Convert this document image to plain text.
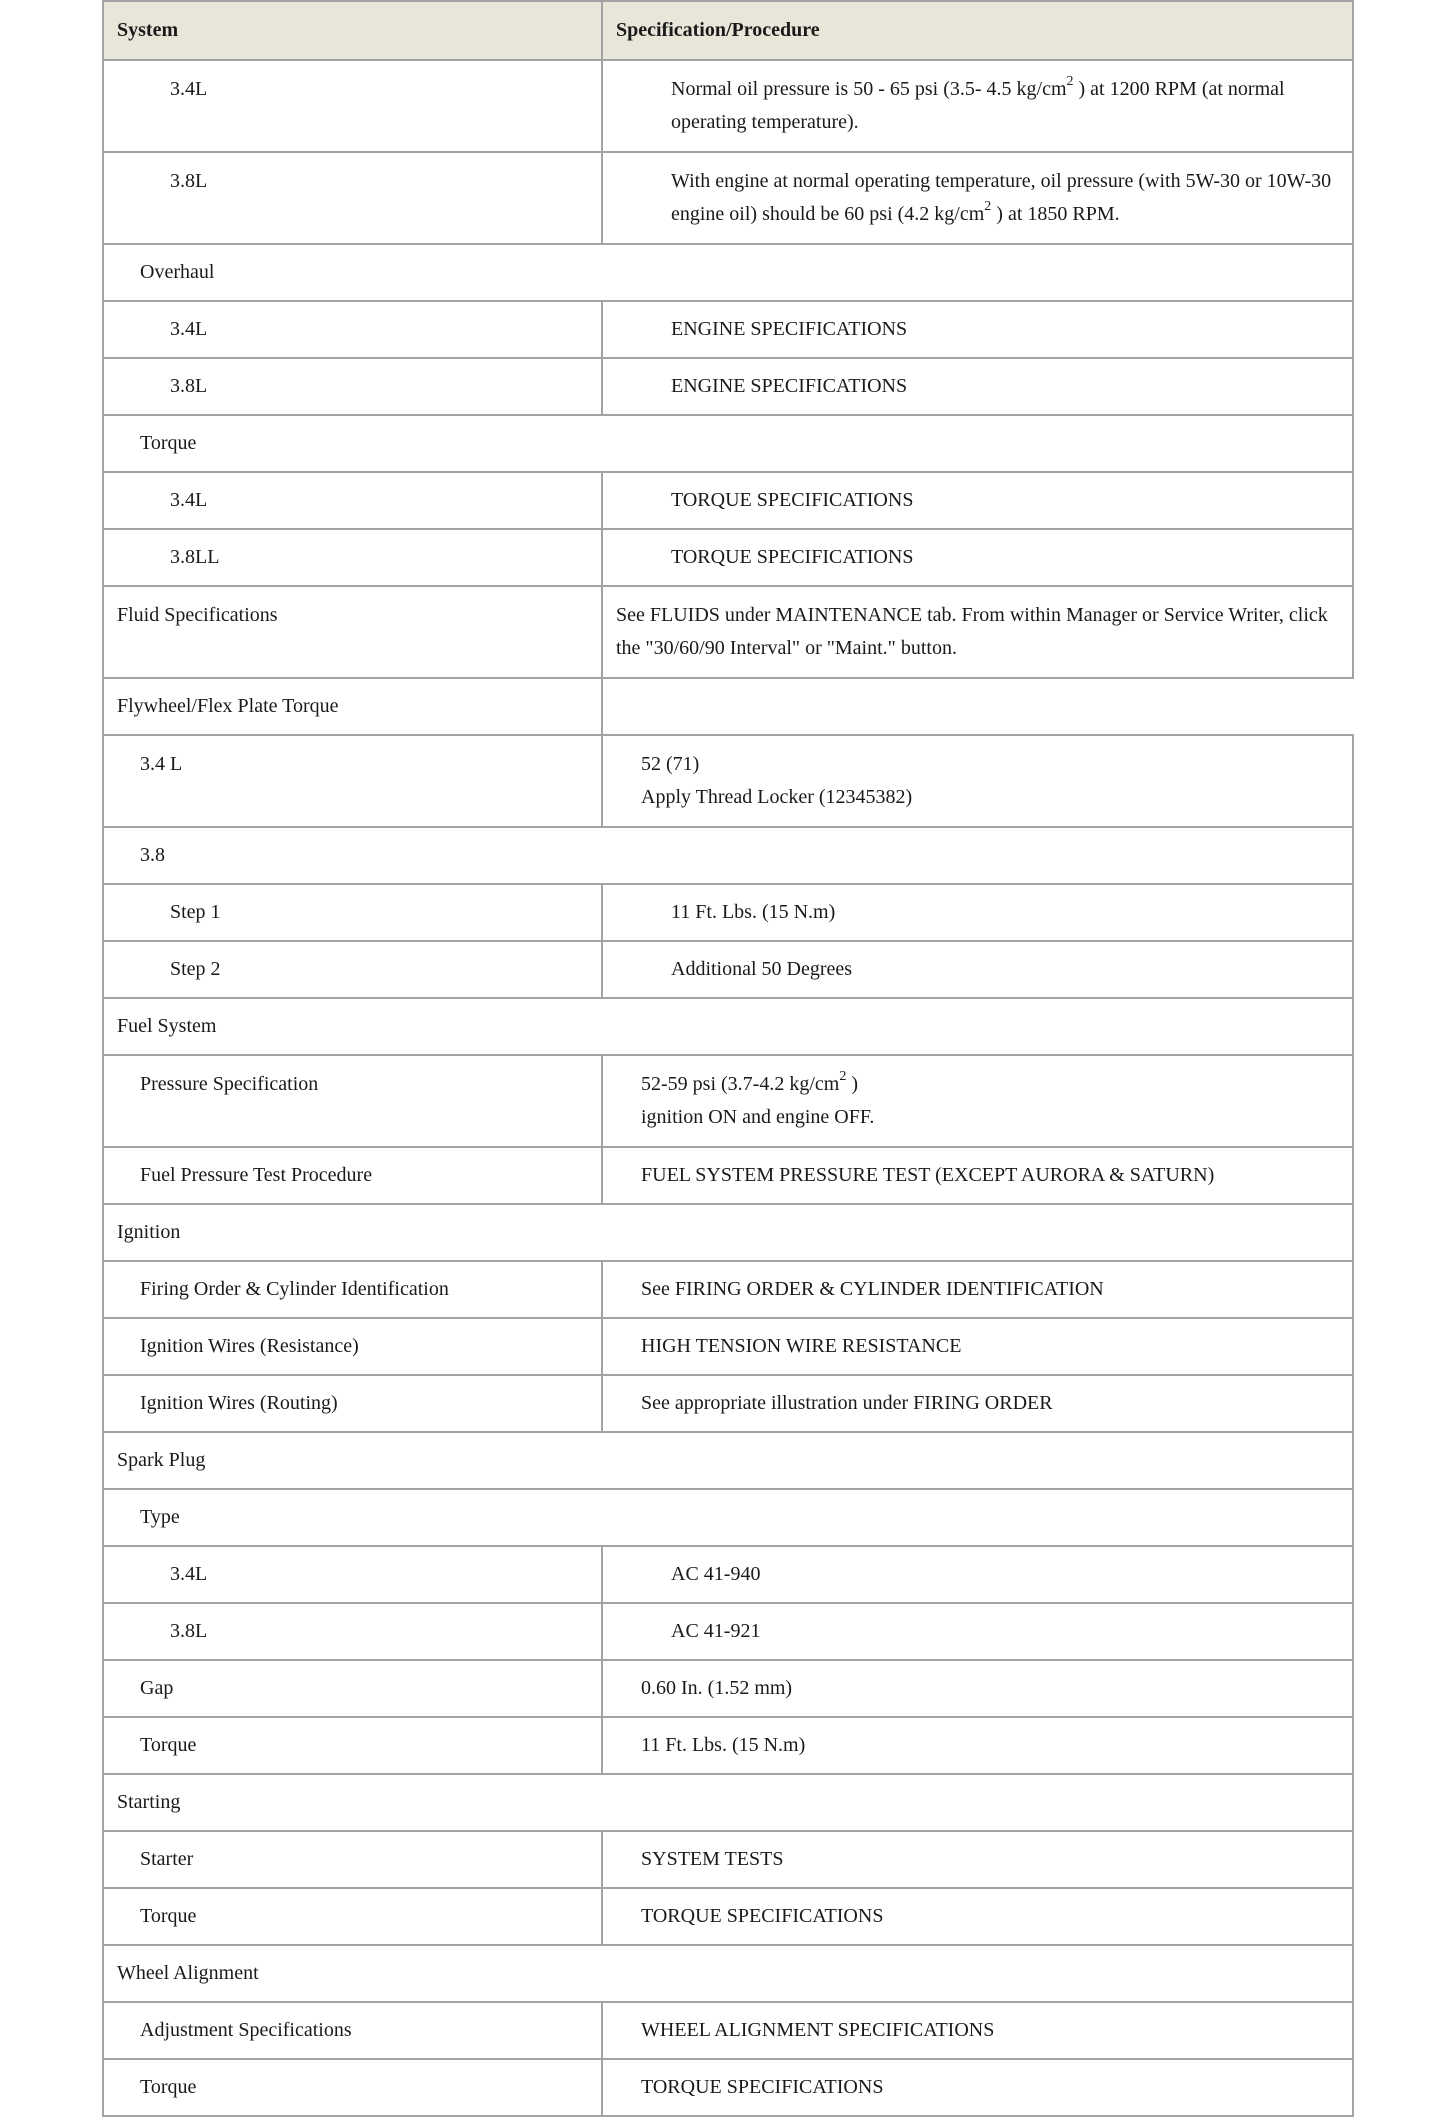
System	Specification/Procedure
3.4L	Normal oil pressure is 50 - 65 psi (3.5- 4.5 $kg/cm^2$ ) at 1200 RPM (at normal operating temperature).
3.8L	With engine at normal operating temperature, oil pressure (with 5W-30 or 10W-30 engine oil) should be 60 psi (4.2 $kg/cm^2$ ) at 1850 RPM.
Overhaul	
3.4L	ENGINE SPECIFICATIONS
3.8L	ENGINE SPECIFICATIONS
Torque	
3.4L	TORQUE SPECIFICATIONS
3.8LL	TORQUE SPECIFICATIONS
Fluid Specifications	See FLUIDS under MAINTENANCE tab. From within Manager or Service Writer, click the "30/60/90 Interval" or "Maint." button.
Flywheel/Flex Plate Torque	
3.4 L	52 (71)
Apply Thread Locker (12345382)

3.8	
Step 1	11 Ft. Lbs. (15 N.m)
Step 2	Additional 50 Degrees
Fuel System	
Pressure Specification	52-59 psi (3.7-4.2 $kg/cm^2$ )
ignition ON and engine OFF.

Fuel Pressure Test Procedure	FUEL SYSTEM PRESSURE TEST (EXCEPT AURORA & SATURN)
Ignition	
Firing Order & Cylinder Identification	See FIRING ORDER & CYLINDER IDENTIFICATION
Ignition Wires (Resistance)	HIGH TENSION WIRE RESISTANCE
Ignition Wires (Routing)	See appropriate illustration under FIRING ORDER
Spark Plug	
Type	
3.4L	AC 41-940
3.8L	AC 41-921
Gap	0.60 In. (1.52 mm)
Torque	11 Ft. Lbs. (15 N.m)
Starting	
Starter	SYSTEM TESTS
Torque	TORQUE SPECIFICATIONS
Wheel Alignment	
Adjustment Specifications	WHEEL ALIGNMENT SPECIFICATIONS
Torque	TORQUE SPECIFICATIONS
